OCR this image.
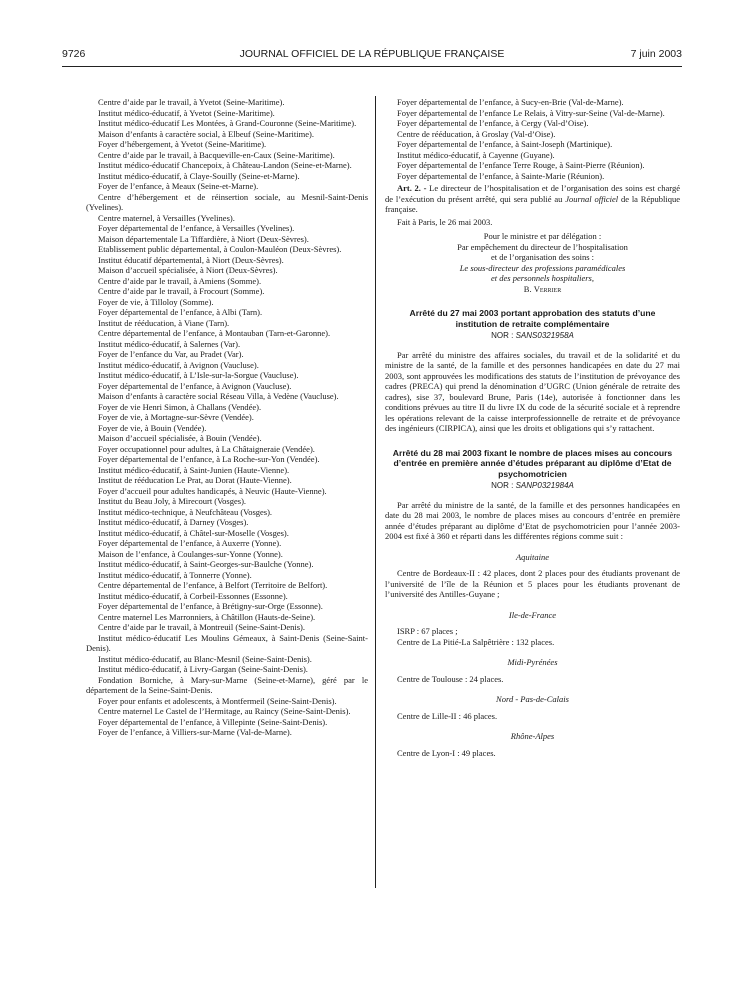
9726	JOURNAL OFFICIEL DE LA RÉPUBLIQUE FRANÇAISE	7 juin 2003

Centre d’aide par le travail, à Yvetot (Seine-Maritime).

Institut médico-éducatif, à Yvetot (Seine-Maritime).

Institut médico-éducatif Les Montées, à Grand-Couronne (Seine-Maritime).

Maison d’enfants à caractère social, à Elbeuf (Seine-Maritime).

Foyer d’hébergement, à Yvetot (Seine-Maritime).

Centre d’aide par le travail, à Bacqueville-en-Caux (Seine-Maritime).

Institut médico-éducatif Chancepoix, à Château-Landon (Seine-et-Marne).

Institut médico-éducatif, à Claye-Souilly (Seine-et-Marne).

Foyer de l’enfance, à Meaux (Seine-et-Marne).

Centre d’hébergement et de réinsertion sociale, au Mesnil-Saint-Denis (Yvelines).

Centre maternel, à Versailles (Yvelines).

Foyer départemental de l’enfance, à Versailles (Yvelines).

Maison départementale La Tiffardière, à Niort (Deux-Sèvres).

Etablissement public départemental, à Coulon-Mauléon (Deux-Sèvres).

Institut éducatif départemental, à Niort (Deux-Sèvres).

Maison d’accueil spécialisée, à Niort (Deux-Sèvres).

Centre d’aide par le travail, à Amiens (Somme).

Centre d’aide par le travail, à Frocourt (Somme).

Foyer de vie, à Tilloloy (Somme).

Foyer départemental de l’enfance, à Albi (Tarn).

Institut de rééducation, à Viane (Tarn).

Centre départemental de l’enfance, à Montauban (Tarn-et-Garonne).

Institut médico-éducatif, à Salernes (Var).

Foyer de l’enfance du Var, au Pradet (Var).

Institut médico-éducatif, à Avignon (Vaucluse).

Institut médico-éducatif, à L’Isle-sur-la-Sorgue (Vaucluse).

Foyer départemental de l’enfance, à Avignon (Vaucluse).

Maison d’enfants à caractère social Réseau Villa, à Vedène (Vaucluse).

Foyer de vie Henri Simon, à Challans (Vendée).

Foyer de vie, à Mortagne-sur-Sèvre (Vendée).

Foyer de vie, à Bouin (Vendée).

Maison d’accueil spécialisée, à Bouin (Vendée).

Foyer occupationnel pour adultes, à La Châtaigneraie (Vendée).

Foyer départemental de l’enfance, à La Roche-sur-Yon (Vendée).

Institut médico-éducatif, à Saint-Junien (Haute-Vienne).

Institut de rééducation Le Prat, au Dorat (Haute-Vienne).

Foyer d’accueil pour adultes handicapés, à Neuvic (Haute-Vienne).

Institut du Beau Joly, à Mirecourt (Vosges).

Institut médico-technique, à Neufchâteau (Vosges).

Institut médico-éducatif, à Darney (Vosges).

Institut médico-éducatif, à Châtel-sur-Moselle (Vosges).

Foyer départemental de l’enfance, à Auxerre (Yonne).

Maison de l’enfance, à Coulanges-sur-Yonne (Yonne).

Institut médico-éducatif, à Saint-Georges-sur-Baulche (Yonne).

Institut médico-éducatif, à Tonnerre (Yonne).

Centre départemental de l’enfance, à Belfort (Territoire de Belfort).

Institut médico-éducatif, à Corbeil-Essonnes (Essonne).

Foyer départemental de l’enfance, à Brétigny-sur-Orge (Essonne).

Centre maternel Les Marronniers, à Châtillon (Hauts-de-Seine).

Centre d’aide par le travail, à Montreuil (Seine-Saint-Denis).

Institut médico-éducatif Les Moulins Gémeaux, à Saint-Denis (Seine-Saint-Denis).

Institut médico-éducatif, au Blanc-Mesnil (Seine-Saint-Denis).

Institut médico-éducatif, à Livry-Gargan (Seine-Saint-Denis).

Fondation Borniche, à Mary-sur-Marne (Seine-et-Marne), géré par le département de la Seine-Saint-Denis.

Foyer pour enfants et adolescents, à Montfermeil (Seine-Saint-Denis).

Centre maternel Le Castel de l’Hermitage, au Raincy (Seine-Saint-Denis).

Foyer départemental de l’enfance, à Villepinte (Seine-Saint-Denis).

Foyer de l’enfance, à Villiers-sur-Marne (Val-de-Marne).

Foyer départemental de l’enfance, à Sucy-en-Brie (Val-de-Marne).

Foyer départemental de l’enfance Le Relais, à Vitry-sur-Seine (Val-de-Marne).

Foyer départemental de l’enfance, à Cergy (Val-d’Oise).

Centre de rééducation, à Groslay (Val-d’Oise).

Foyer départemental de l’enfance, à Saint-Joseph (Martinique).

Institut médico-éducatif, à Cayenne (Guyane).

Foyer départemental de l’enfance Terre Rouge, à Saint-Pierre (Réunion).

Foyer départemental de l’enfance, à Sainte-Marie (Réunion).

Art. 2. - Le directeur de l’hospitalisation et de l’organisation des soins est chargé de l’exécution du présent arrêté, qui sera publié au Journal officiel de la République française.

Fait à Paris, le 26 mai 2003.

Pour le ministre et par délégation :

Par empêchement du directeur de l’hospitalisation

et de l’organisation des soins :

Le sous-directeur des professions paramédicales

et des personnels hospitaliers,

B. Verrier

Arrêté du 27 mai 2003 portant approbation des statuts d’une institution de retraite complémentaire

NOR : SANS0321958A

Par arrêté du ministre des affaires sociales, du travail et de la solidarité et du ministre de la santé, de la famille et des personnes handicapées en date du 27 mai 2003, sont approuvées les modifications des statuts de l’institution de prévoyance des cadres (PRECA) qui prend la dénomination d’UGRC (Union générale de retraite des cadres), sise 37, boulevard Brune, Paris (14e), autorisée à fonctionner dans les conditions prévues au titre II du livre IX du code de la sécurité sociale et à reprendre les opérations relevant de la caisse interprofessionnelle de retraite et de prévoyance des ingénieurs (CIRPICA), ainsi que les droits et obligations qui s’y rattachent.

Arrêté du 28 mai 2003 fixant le nombre de places mises au concours d’entrée en première année d’études préparant au diplôme d’Etat de psychomotricien

NOR : SANP0321984A

Par arrêté du ministre de la santé, de la famille et des personnes handicapées en date du 28 mai 2003, le nombre de places mises au concours d’entrée en première année d’études préparant au diplôme d’Etat de psychomotricien pour l’année 2003-2004 est fixé à 360 et réparti dans les différentes régions comme suit :

Aquitaine

Centre de Bordeaux-II : 42 places, dont 2 places pour des étudiants provenant de l’université de l’île de la Réunion et 5 places pour les étudiants provenant de l’université des Antilles-Guyane ;

Ile-de-France

ISRP : 67 places ;

Centre de La Pitié-La Salpêtrière : 132 places.

Midi-Pyrénées

Centre de Toulouse : 24 places.

Nord - Pas-de-Calais

Centre de Lille-II : 46 places.

Rhône-Alpes

Centre de Lyon-I : 49 places.
